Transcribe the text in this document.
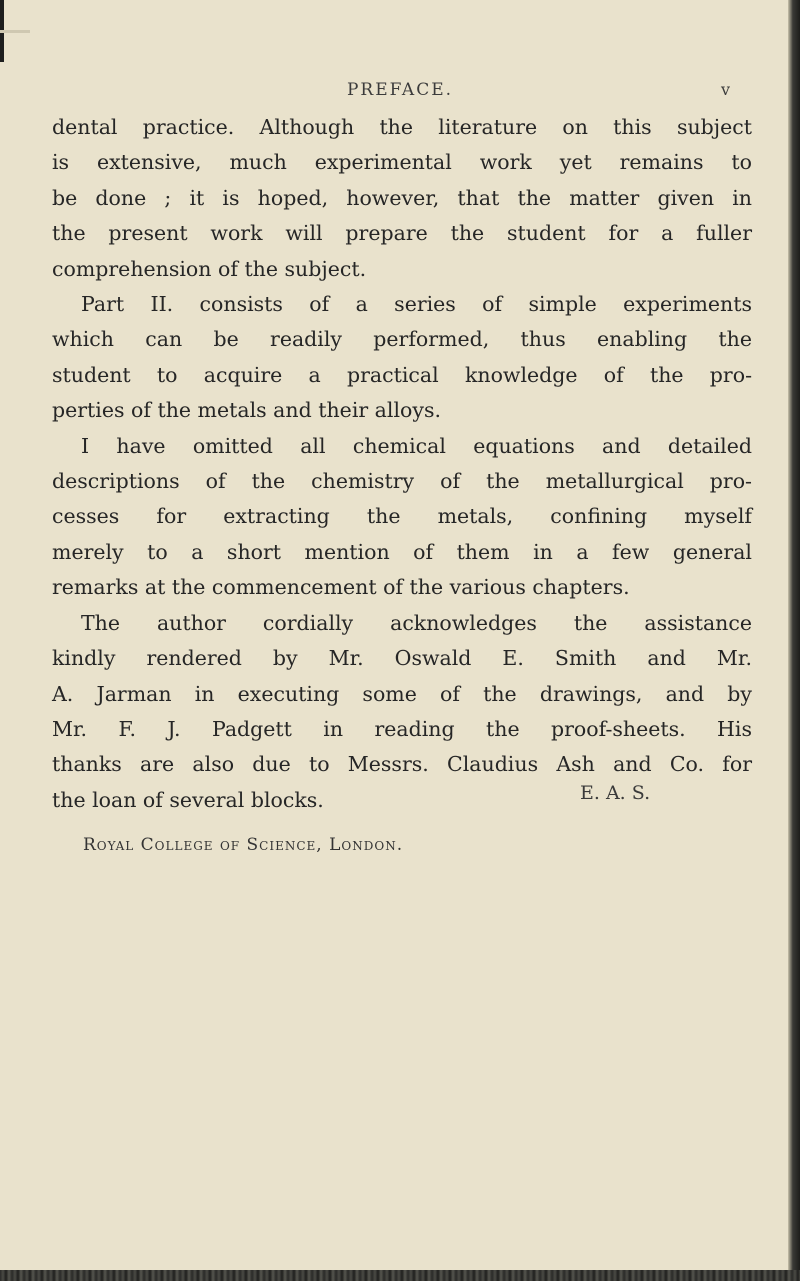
PREFACE.	v
dental practice. Although the literature on this subject
is extensive, much experimental work yet remains to
be done ; it is hoped, however, that the matter given in
the present work will prepare the student for a fuller
comprehension of the subject.
Part II. consists of a series of simple experiments
which can be readily performed, thus enabling the
student to acquire a practical knowledge of the pro-
perties of the metals and their alloys.
I have omitted all chemical equations and detailed
descriptions of the chemistry of the metallurgical pro-
cesses for extracting the metals, confining myself
merely to a short mention of them in a few general
remarks at the commencement of the various chapters.
The author cordially acknowledges the assistance
kindly rendered by Mr. Oswald E. Smith and Mr.
A. Jarman in executing some of the drawings, and by
Mr. F. J. Padgett in reading the proof-sheets. His
thanks are also due to Messrs. Claudius Ash and Co. for
the loan of several blocks.	E. A. S.
Royal College of Science, London.
